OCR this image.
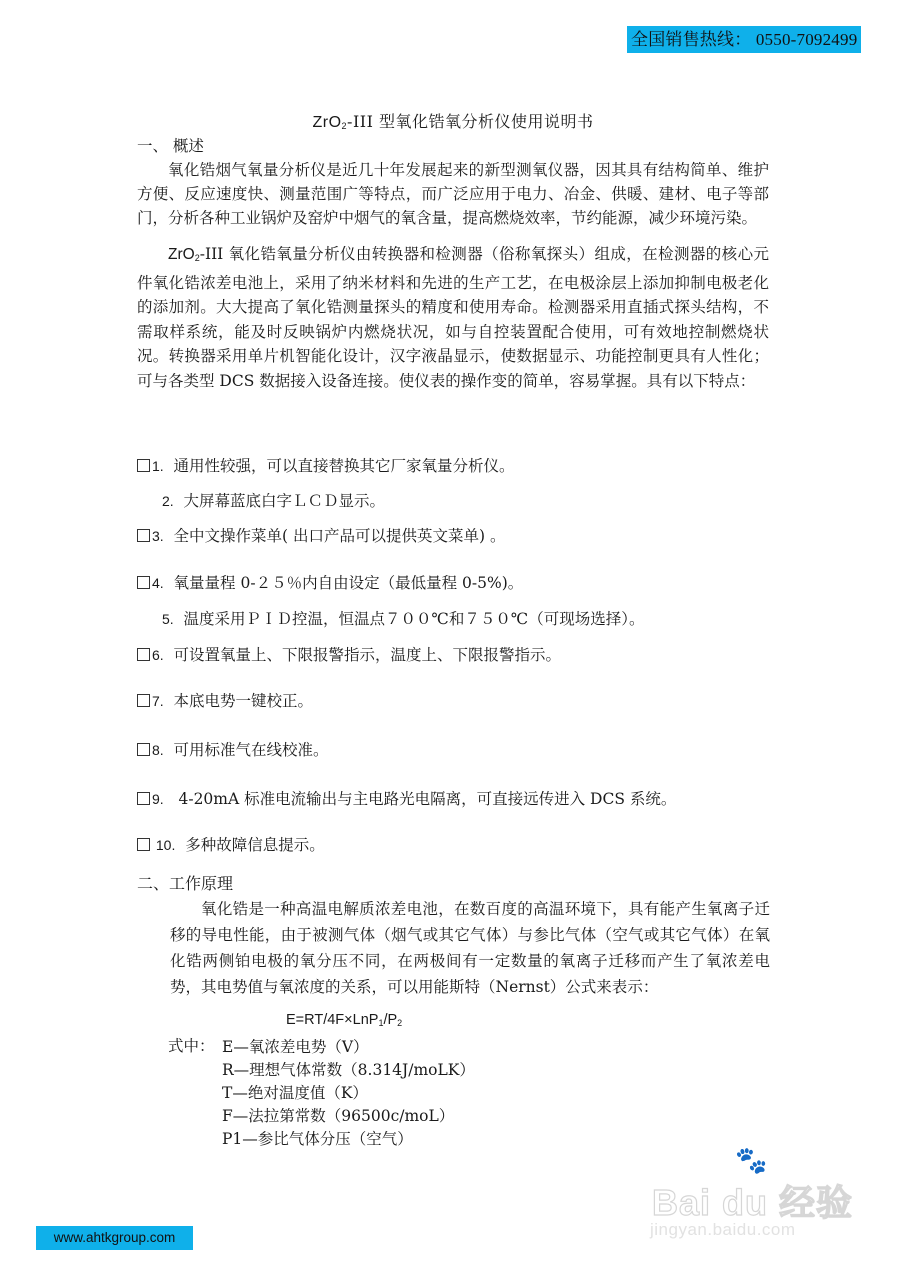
全国销售热线： 0550-7092499
ZrO$_2$-III 型氧化锆氧分析仪使用说明书
一、 概述

氧化锆烟气氧量分析仪是近几十年发展起来的新型测氧仪器，因其具有结构简单、维护方便、反应速度快、测量范围广等特点，而广泛应用于电力、冶金、供暖、建材、电子等部门，分析各种工业锅炉及窑炉中烟气的氧含量，提高燃烧效率，节约能源，减少环境污染。

ZrO$_2$-III 氧化锆氧量分析仪由转换器和检测器（俗称氧探头）组成，在检测器的核心元件氧化锆浓差电池上，采用了纳米材料和先进的生产工艺，在电极涂层上添加抑制电极老化的添加剂。大大提高了氧化锆测量探头的精度和使用寿命。检测器采用直插式探头结构，不需取样系统，能及时反映锅炉内燃烧状况，如与自控装置配合使用，可有效地控制燃烧状况。转换器采用单片机智能化设计，汉字液晶显示，使数据显示、功能控制更具有人性化；可与各类型 DCS 数据接入设备连接。使仪表的操作变的简单，容易掌握。具有以下特点：

1. 通用性较强，可以直接替换其它厂家氧量分析仪。
2. 大屏幕蓝底白字ＬＣＤ显示。
3. 全中文操作菜单( 出口产品可以提供英文菜单) 。
4. 氧量量程 0-２５％内自由设定（最低量程 0-5%)。
5. 温度采用ＰＩＤ控温，恒温点７００℃和７５０℃（可现场选择）。
6. 可设置氧量上、下限报警指示，温度上、下限报警指示。
7. 本底电势一键校正。
8. 可用标准气在线校准。
9.   4-20mA 标准电流输出与主电路光电隔离，可直接远传进入 DCS 系统。
10. 多种故障信息提示。
二、工作原理

氧化锆是一种高温电解质浓差电池，在数百度的高温环境下，具有能产生氧离子迁移的导电性能，由于被测气体（烟气或其它气体）与参比气体（空气或其它气体）在氧化锆两侧铂电极的氧分压不同，在两极间有一定数量的氧离子迁移而产生了氧浓差电势，其电势值与氧浓度的关系，可以用能斯特（Nernst）公式来表示：

$E=RT/4F\times LnP_1/P_2$
式中： E—氧浓差电势（V）
R—理想气体常数（8.314J/moLK）
T—绝对温度值（K）
F—法拉第常数（96500c/moL）
P1—参比气体分压（空气）
🐾
Bai du 经验
jingyan.baidu.com
www.ahtkgroup.com
